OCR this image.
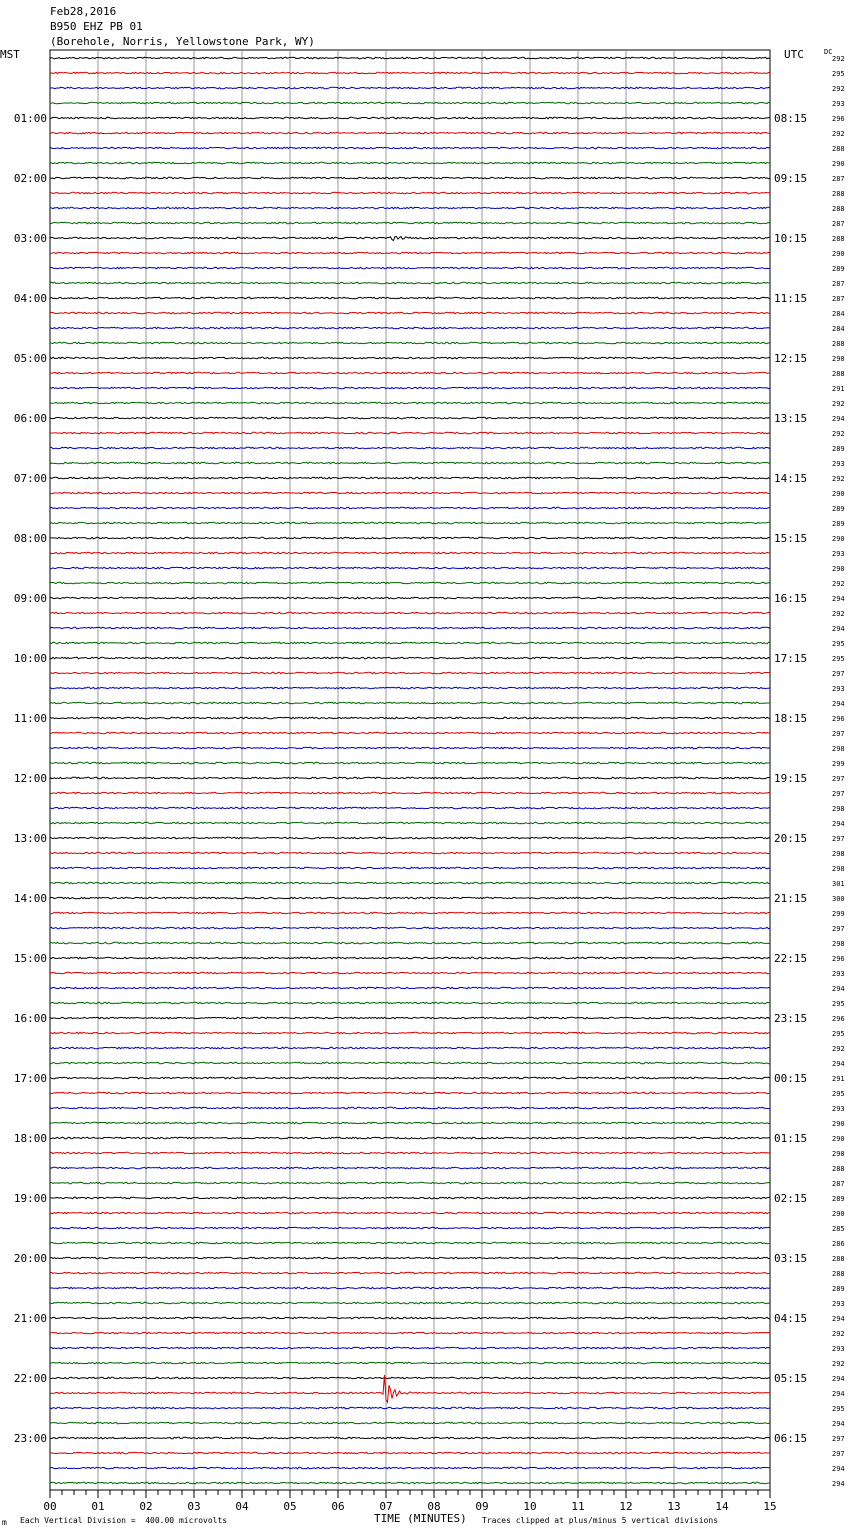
Feb28,2016
B950 EHZ PB 01
(Borehole, Norris, Yellowstone Park, WY)
MST	UTC	DC
01:00	08:15
02:00	09:15
03:00	10:15
04:00	11:15
05:00	12:15
06:00	13:15
07:00	14:15
08:00	15:15
09:00	16:15
10:00	17:15
11:00	18:15
12:00	19:15
13:00	20:15
14:00	21:15
15:00	22:15
16:00	23:15
17:00	00:15
18:00	01:15
19:00	02:15
20:00	03:15
21:00	04:15
22:00	05:15
23:00	06:15
292
295
292
293
296
292
288
290
287
288
288
287
288
290
289
287
287
284
284
288
290
288
291
292
294
292
289
293
292
290
289
289
290
293
290
292
294
292
294
295
295
297
293
294
296
297
298
299
297
297
298
294
297
298
298
301
300
299
297
298
296
293
294
295
296
295
292
294
291
295
293
290
290
290
288
287
289
290
285
286
288
288
289
293
294
292
293
292
294
294
295
294
297
297
294
294
00	01	02	03	04	05	06	07	08	09	10	11	12	13	14	15
m Each Vertical Division =  400.00 microvolts	TIME (MINUTES) Traces clipped at plus/minus 5 vertical divisions
